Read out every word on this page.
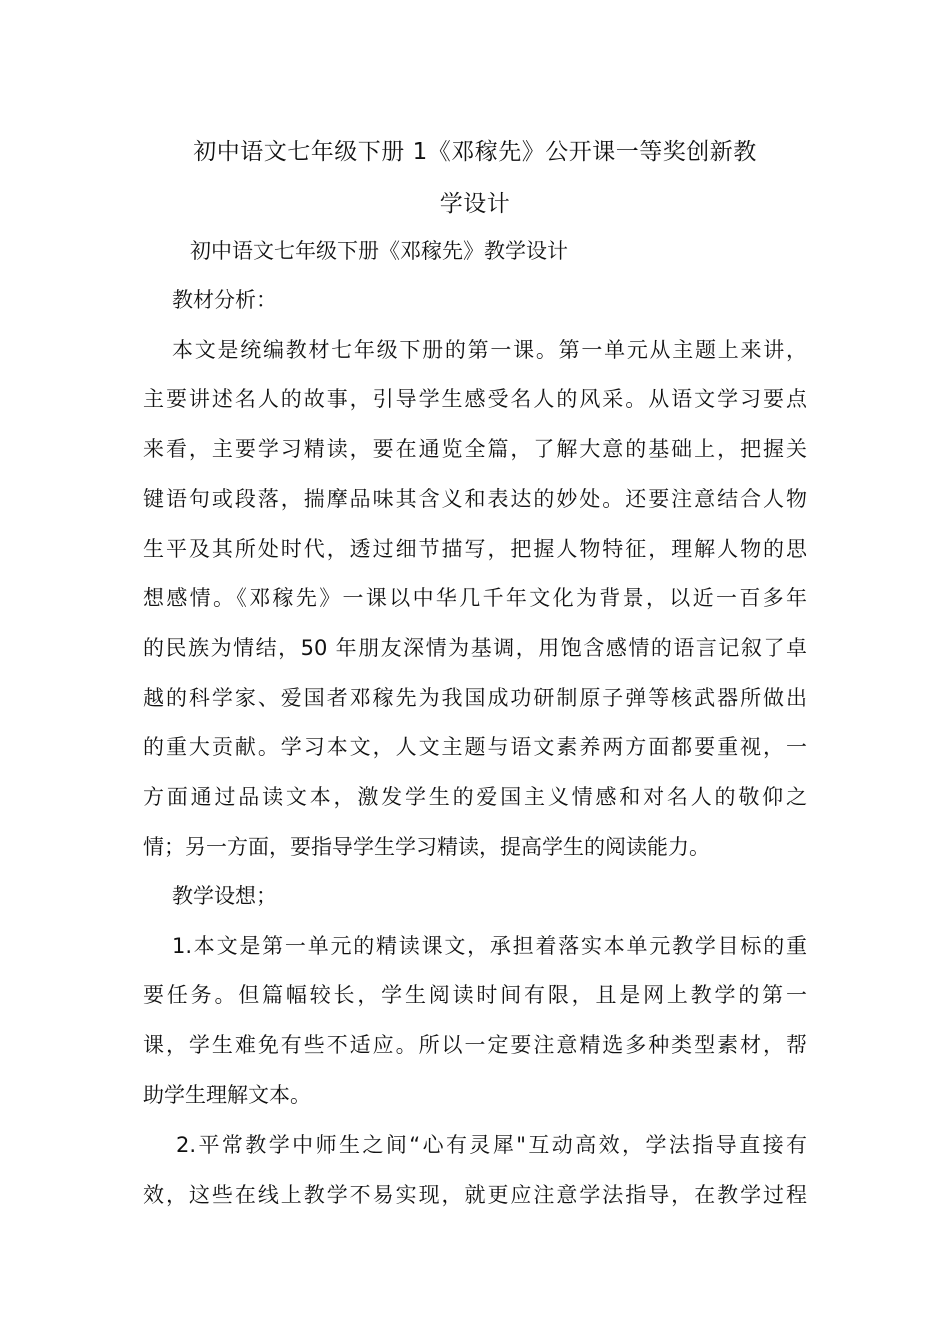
初中语文七年级下册 1《邓稼先》公开课一等奖创新教
学设计

初中语文七年级下册《邓稼先》教学设计

教材分析：

本文是统编教材七年级下册的第一课。第一单元从主题上来讲，

主要讲述名人的故事，引导学生感受名人的风采。从语文学习要点

来看，主要学习精读，要在通览全篇，了解大意的基础上，把握关

键语句或段落，揣摩品味其含义和表达的妙处。还要注意结合人物

生平及其所处时代，透过细节描写，把握人物特征，理解人物的思

想感情。《邓稼先》一课以中华几千年文化为背景，以近一百多年

的民族为情结，50 年朋友深情为基调，用饱含感情的语言记叙了卓

越的科学家、爱国者邓稼先为我国成功研制原子弹等核武器所做出

的重大贡献。学习本文，人文主题与语文素养两方面都要重视，一

方面通过品读文本，激发学生的爱国主义情感和对名人的敬仰之

情；另一方面，要指导学生学习精读，提高学生的阅读能力。

教学设想；

1.本文是第一单元的精读课文，承担着落实本单元教学目标的重

要任务。但篇幅较长，学生阅读时间有限，且是网上教学的第一

课，学生难免有些不适应。所以一定要注意精选多种类型素材，帮

助学生理解文本。

2.平常教学中师生之间“心有灵犀"互动高效，学法指导直接有

效，这些在线上教学不易实现，就更应注意学法指导，在教学过程
